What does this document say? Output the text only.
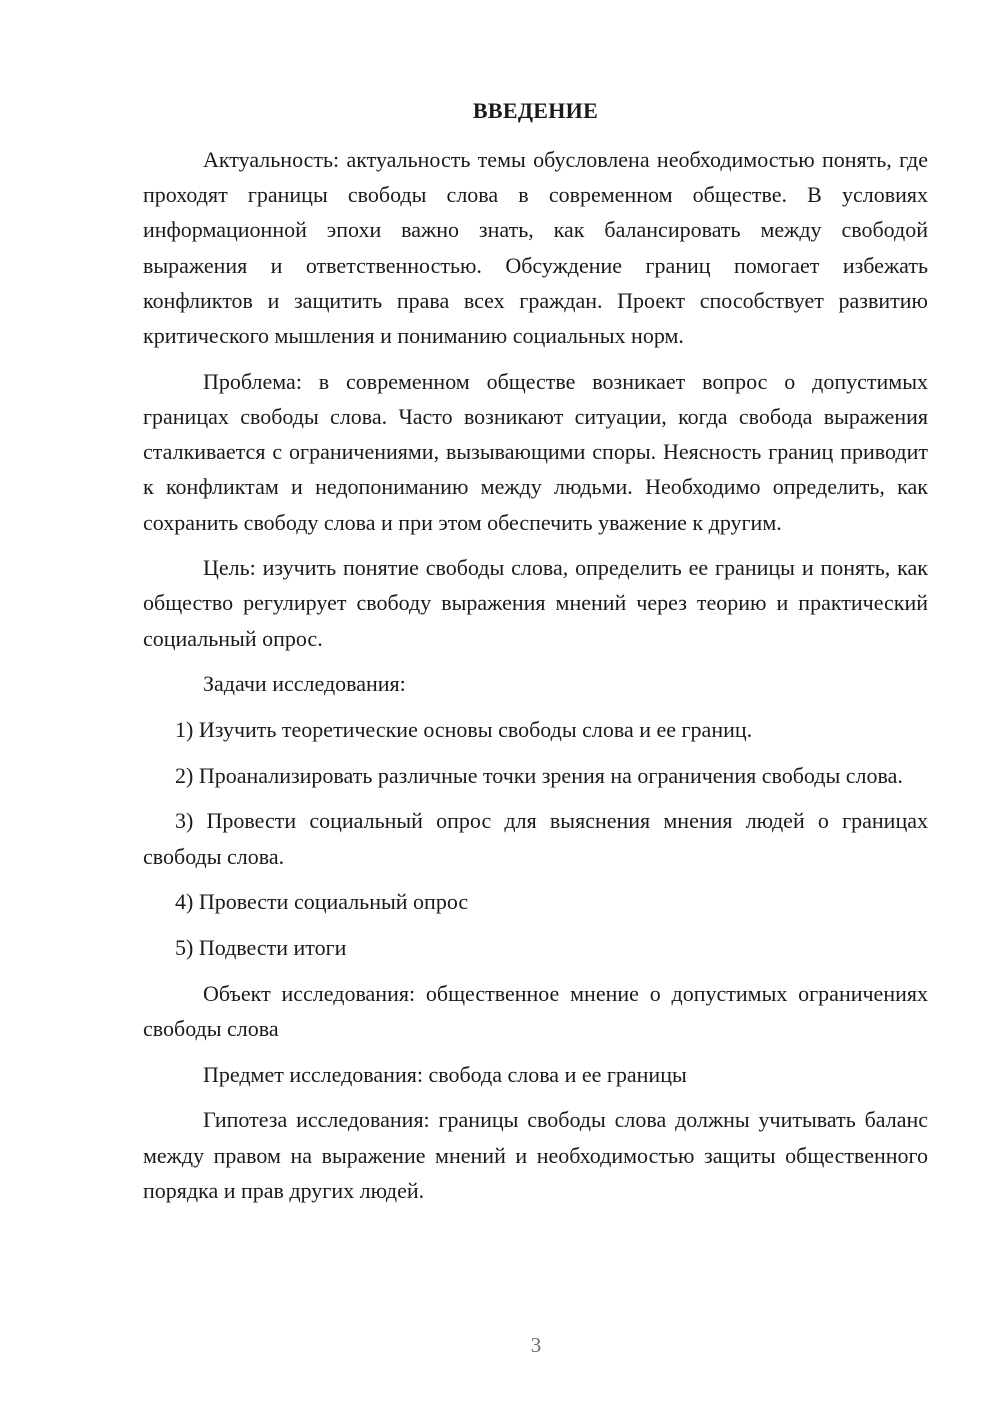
ВВЕДЕНИЕ

Актуальность: актуальность темы обусловлена необходимостью понять, где проходят границы свободы слова в современном обществе. В условиях информационной эпохи важно знать, как балансировать между свободой выражения и ответственностью. Обсуждение границ помогает избежать конфликтов и защитить права всех граждан. Проект способствует развитию критического мышления и пониманию социальных норм.

Проблема: в современном обществе возникает вопрос о допустимых границах свободы слова. Часто возникают ситуации, когда свобода выражения сталкивается с ограничениями, вызывающими споры. Неясность границ приводит к конфликтам и недопониманию между людьми. Необходимо определить, как сохранить свободу слова и при этом обеспечить уважение к другим.

Цель: изучить понятие свободы слова, определить ее границы и понять, как общество регулирует свободу выражения мнений через теорию и практический социальный опрос.

Задачи исследования:

1) Изучить теоретические основы свободы слова и ее границ.

2) Проанализировать различные точки зрения на ограничения свободы слова.

3) Провести социальный опрос для выяснения мнения людей о границах свободы слова.

4) Провести социальный опрос

5) Подвести итоги

Объект исследования: общественное мнение о допустимых ограничениях свободы слова

Предмет исследования: свобода слова и ее границы

Гипотеза исследования: границы свободы слова должны учитывать баланс между правом на выражение мнений и необходимостью защиты общественного порядка и прав других людей.

3
